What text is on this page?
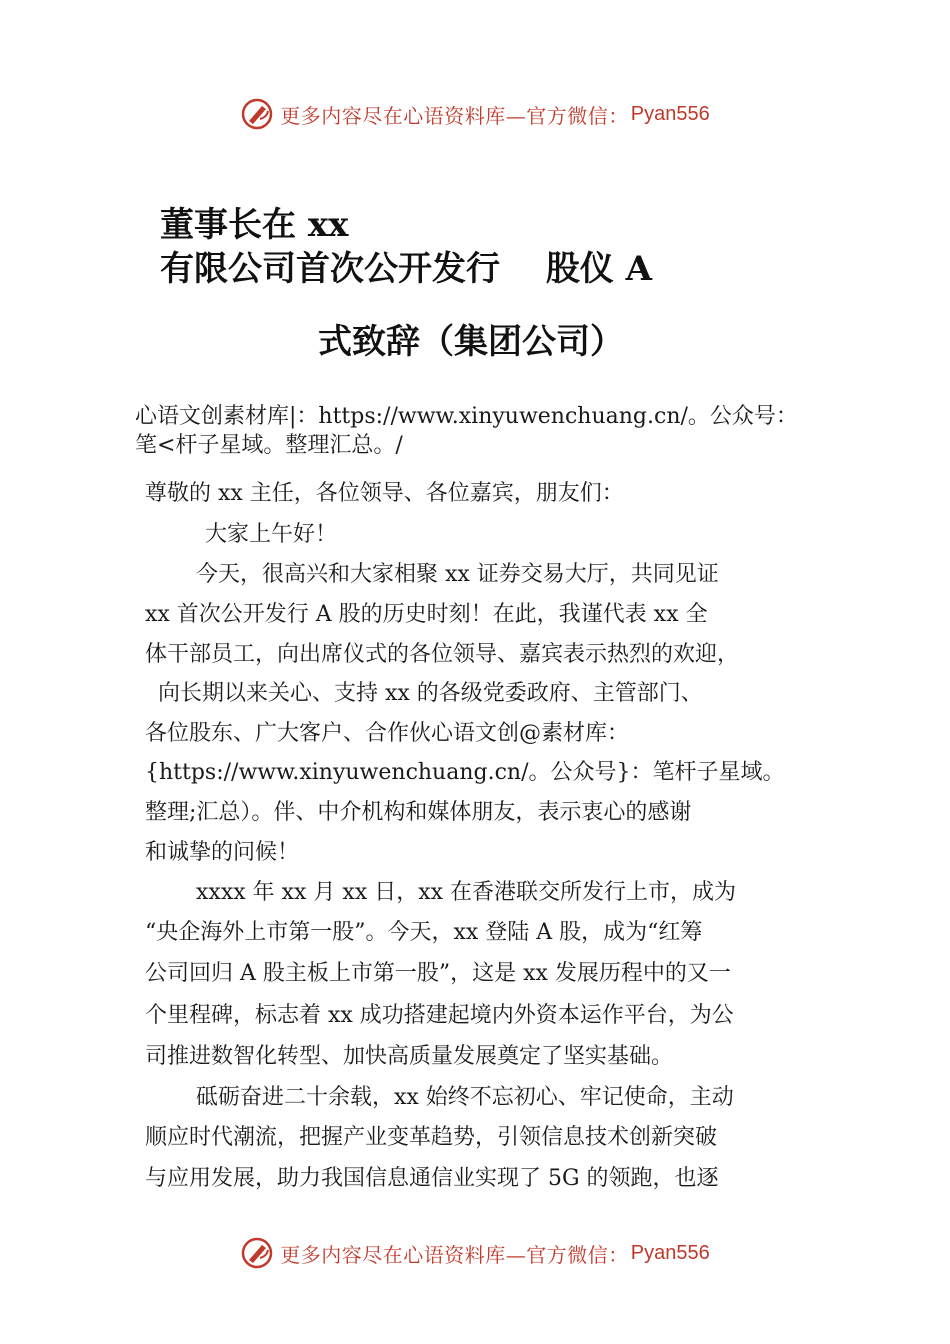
更多内容尽在心语资料库—官方微信： Pyan556
董事长在 xx
有限公司首次公开发行　 股仪 A
式致辞（集团公司）
心语文创素材库|：https://www.xinyuwenchuang.cn/。公众号：
笔<杆子星域。整理汇总。/
尊敬的 xx 主任，各位领导、各位嘉宾，朋友们：
　大家上午好！
　今天，很高兴和大家相聚 xx 证券交易大厅，共同见证
xx 首次公开发行 A 股的历史时刻！在此，我谨代表 xx 全
体干部员工，向出席仪式的各位领导、嘉宾表示热烈的欢迎，
向长期以来关心、支持 xx 的各级党委政府、主管部门、
各位股东、广大客户、合作伙心语文创@素材库：
{https://www.xinyuwenchuang.cn/。公众号}：笔杆子星域。
整理;汇总）。伴、中介机构和媒体朋友，表示衷心的感谢
和诚挚的问候！
　xxxx 年 xx 月 xx 日，xx 在香港联交所发行上市，成为
“央企海外上市第一股”。今天，xx 登陆 A 股，成为“红筹
公司回归 A 股主板上市第一股”，这是 xx 发展历程中的又一
个里程碑，标志着 xx 成功搭建起境内外资本运作平台，为公
司推进数智化转型、加快高质量发展奠定了坚实基础。
　砥砺奋进二十余载，xx 始终不忘初心、牢记使命，主动
顺应时代潮流，把握产业变革趋势，引领信息技术创新突破
与应用发展，助力我国信息通信业实现了 5G 的领跑，也逐
更多内容尽在心语资料库—官方微信： Pyan556
